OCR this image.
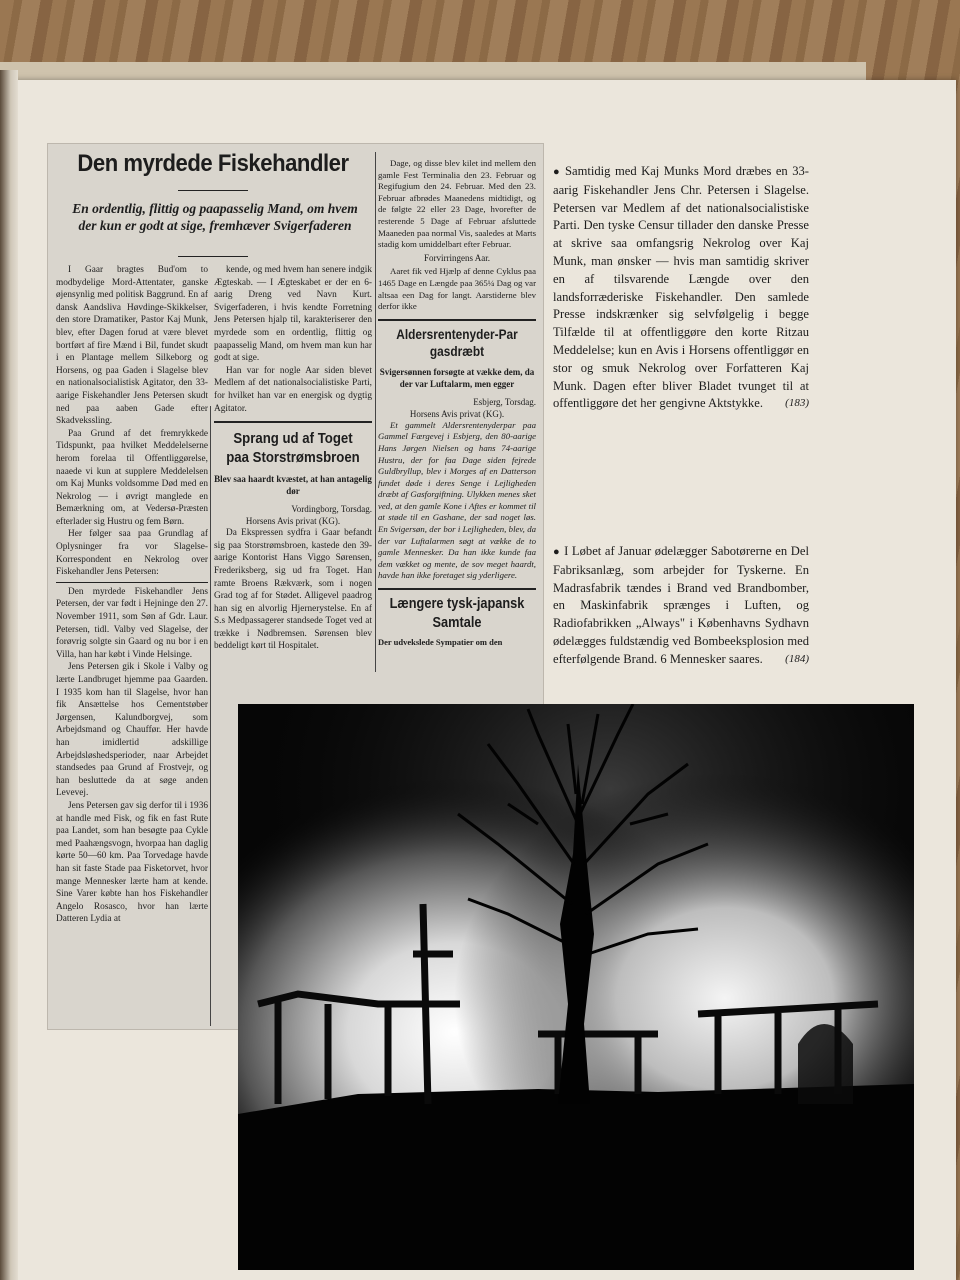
Den myrdede Fiskehandler
En ordentlig, flittig og paapasselig Mand, om hvem der kun er godt at sige, fremhæver Svigerfaderen

I Gaar bragtes Bud'om to modbydelige Mord-Attentater, ganske øjensynlig med politisk Baggrund. En af dansk Aandsliva Høvdinge-Skikkelser, den store Dramatiker, Pastor Kaj Munk, blev, efter Dagen forud at være blevet bortført af fire Mænd i Bil, fundet skudt i en Plantage mellem Silkeborg og Horsens, og paa Gaden i Slagelse blev en nationalsocialistisk Agitator, den 33-aarige Fiskehandler Jens Petersen skudt ned paa aaben Gade efter Skadvekssling.

Paa Grund af det fremrykkede Tidspunkt, paa hvilket Meddelelserne herom forelaa til Offentliggørelse, naaede vi kun at supplere Meddelelsen om Kaj Munks voldsomme Død med en Nekrolog — i øvrigt manglede en Bemærkning om, at Vedersø-Præsten efterlader sig Hustru og fem Børn.

Her følger saa paa Grundlag af Oplysninger fra vor Slagelse-Korrespondent en Nekrolog over Fiskehandler Jens Petersen:

Den myrdede Fiskehandler Jens Petersen, der var født i Hejninge den 27. November 1911, som Søn af Gdr. Laur. Petersen, tidl. Valby ved Slagelse, der forøvrig solgte sin Gaard og nu bor i en Villa, han har købt i Vinde Helsinge.

Jens Petersen gik i Skole i Valby og lærte Landbruget hjemme paa Gaarden. I 1935 kom han til Slagelse, hvor han fik Ansættelse hos Cementstøber Jørgensen, Kalundborgvej, som Arbejdsmand og Chauffør. Her havde han imidlertid adskillige Arbejdsløshedsperioder, naar Arbejdet standsedes paa Grund af Frostvejr, og han besluttede da at søge anden Levevej.

Jens Petersen gav sig derfor til i 1936 at handle med Fisk, og fik en fast Rute paa Landet, som han besøgte paa Cykle med Paahængsvogn, hvorpaa han daglig kørte 50—60 km. Paa Torvedage havde han sit faste Stade paa Fisketorvet, hvor mange Mennesker lærte ham at kende. Sine Varer købte han hos Fiskehandler Angelo Rosasco, hvor han lærte Datteren Lydia at

kende, og med hvem han senere indgik Ægteskab. — I Ægteskabet er der en 6-aarig Dreng ved Navn Kurt. Svigerfaderen, i hvis kendte Forretning Jens Petersen hjalp til, karakteriserer den myrdede som en ordentlig, flittig og paapasselig Mand, om hvem man kun har godt at sige.

Han var for nogle Aar siden blevet Medlem af det nationalsocialistiske Parti, for hvilket han var en energisk og dygtig Agitator.

Sprang ud af Toget paa Storstrømsbroen
Blev saa haardt kvæstet, at han antagelig dør
Vordingborg, Torsdag.
Horsens Avis privat (KG).

Da Ekspressen sydfra i Gaar befandt sig paa Storstrømsbroen, kastede den 39-aarige Kontorist Hans Viggo Sørensen, Frederiksberg, sig ud fra Toget. Han ramte Broens Rækværk, som i nogen Grad tog af for Stødet. Alligevel paadrog han sig en alvorlig Hjernerystelse. En af S.s Medpassagerer standsede Toget ved at trække i Nødbremsen. Sørensen blev beddeligt kørt til Hospitalet.

Dage, og disse blev kilet ind mellem den gamle Fest Terminalia den 23. Februar og Regifugium den 24. Februar. Med den 23. Februar afbrødes Maanedens midtidigt, og de følgte 22 eller 23 Dage, hvorefter de resterende 5 Dage af Februar afsluttede Maaneden paa normal Vis, saaledes at Marts stadig kom umiddelbart efter Februar.

Forvirringens Aar.

Aaret fik ved Hjælp af denne Cyklus paa 1465 Dage en Længde paa 365¼ Dag og var altsaa een Dag for langt. Aarstiderne blev derfor ikke

Aldersrentenyder-Par gasdræbt
Svigersønnen forsøgte at vække dem, da der var Luftalarm, men egger
Esbjerg, Torsdag.
Horsens Avis privat (KG).

Et gammelt Aldersrentenyderpar paa Gammel Færgevej i Esbjerg, den 80-aarige Hans Jørgen Nielsen og hans 74-aarige Hustru, der for faa Dage siden fejrede Guldbryllup, blev i Morges af en Datterson fundet døde i deres Senge i Lejligheden dræbt af Gasforgiftning. Ulykken menes sket ved, at den gamle Kone i Aftes er kommet til at støde til en Gashane, der sad noget løs. En Svigersøn, der bor i Lejligheden, blev, da der var Luftalarmen søgt at vække de to gamle Mennesker. Da han ikke kunde faa dem vækket og mente, de sov meget haardt, havde han ikke foretaget sig yderligere.

Længere tysk-japansk Samtale
Der udvekslede Sympatier om den
● Samtidig med Kaj Munks Mord dræbes en 33-aarig Fiskehandler Jens Chr. Petersen i Slagelse. Petersen var Medlem af det nationalsocialistiske Parti. Den tyske Censur tillader den danske Presse at skrive saa omfangsrig Nekrolog over Kaj Munk, man ønsker — hvis man samtidig skriver en af tilsvarende Længde over den landsforræderiske Fiskehandler. Den samlede Presse indskrænker sig selvfølgelig i begge Tilfælde til at offentliggøre den korte Ritzau Meddelelse; kun en Avis i Horsens offentliggør en stor og smuk Nekrolog over Forfatteren Kaj Munk. Dagen efter bliver Bladet tvunget til at offentliggøre det her gengivne Aktstykke. (183)
● I Løbet af Januar ødelægger Sabotørerne en Del Fabriksanlæg, som arbejder for Tyskerne. En Madrasfabrik tændes i Brand ved Brandbomber, en Maskinfabrik sprænges i Luften, og Radiofabrikken „Always" i Københavns Sydhavn ødelægges fuldstændig ved Bombeeksplosion med efterfølgende Brand. 6 Mennesker saares. (184)
